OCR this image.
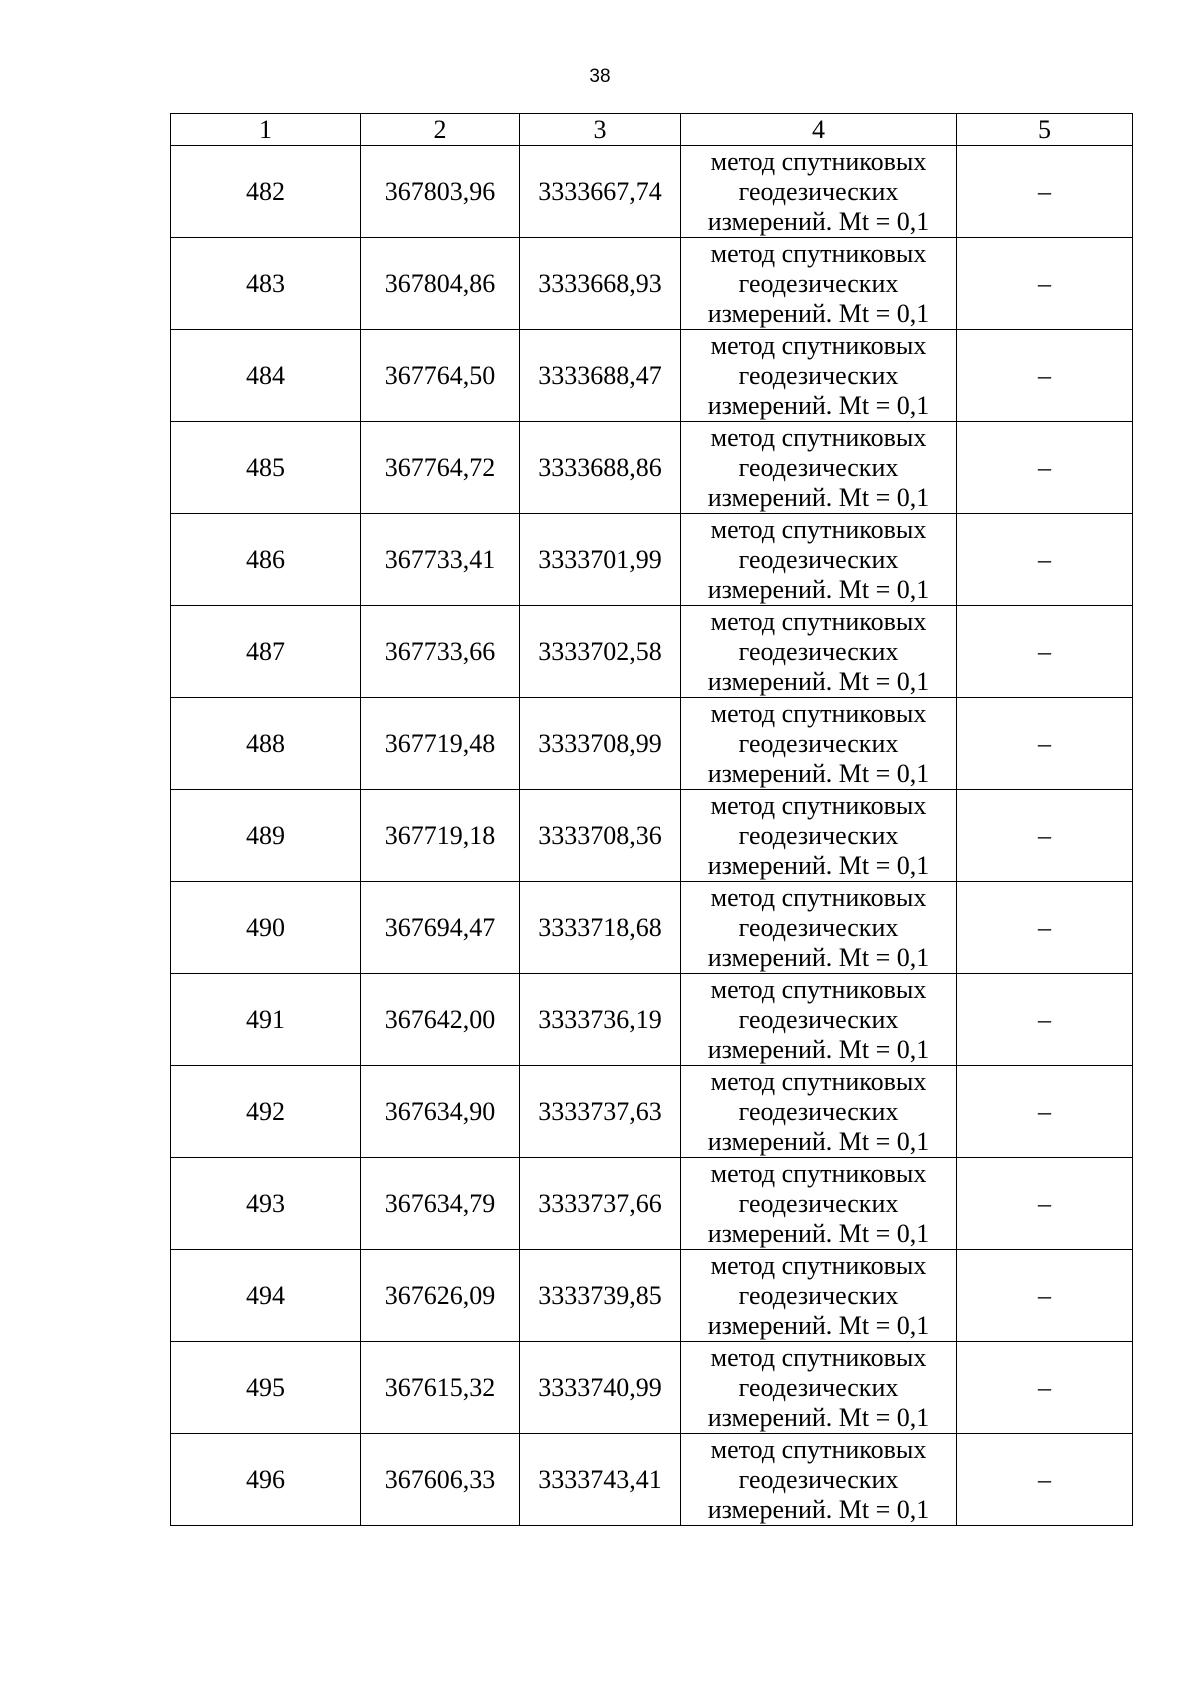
38
1	2	3	4	5
482	367803,96	3333667,74	метод спутниковых
геодезических
измерений. Mt = 0,1	–
483	367804,86	3333668,93	метод спутниковых
геодезических
измерений. Mt = 0,1	–
484	367764,50	3333688,47	метод спутниковых
геодезических
измерений. Mt = 0,1	–
485	367764,72	3333688,86	метод спутниковых
геодезических
измерений. Mt = 0,1	–
486	367733,41	3333701,99	метод спутниковых
геодезических
измерений. Mt = 0,1	–
487	367733,66	3333702,58	метод спутниковых
геодезических
измерений. Mt = 0,1	–
488	367719,48	3333708,99	метод спутниковых
геодезических
измерений. Mt = 0,1	–
489	367719,18	3333708,36	метод спутниковых
геодезических
измерений. Mt = 0,1	–
490	367694,47	3333718,68	метод спутниковых
геодезических
измерений. Mt = 0,1	–
491	367642,00	3333736,19	метод спутниковых
геодезических
измерений. Mt = 0,1	–
492	367634,90	3333737,63	метод спутниковых
геодезических
измерений. Mt = 0,1	–
493	367634,79	3333737,66	метод спутниковых
геодезических
измерений. Mt = 0,1	–
494	367626,09	3333739,85	метод спутниковых
геодезических
измерений. Mt = 0,1	–
495	367615,32	3333740,99	метод спутниковых
геодезических
измерений. Mt = 0,1	–
496	367606,33	3333743,41	метод спутниковых
геодезических
измерений. Mt = 0,1	–
